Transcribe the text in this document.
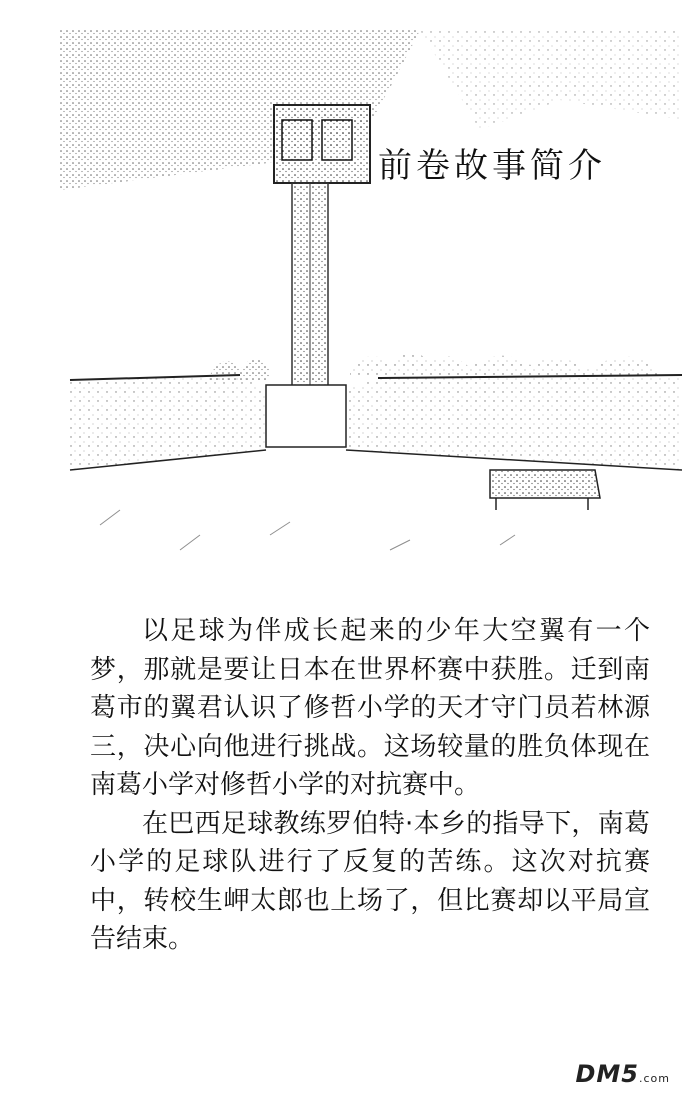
前卷故事简介

以足球为伴成长起来的少年大空翼有一个梦，那就是要让日本在世界杯赛中获胜。迁到南葛市的翼君认识了修哲小学的天才守门员若林源三，决心向他进行挑战。这场较量的胜负体现在南葛小学对修哲小学的对抗赛中。

在巴西足球教练罗伯特·本乡的指导下，南葛小学的足球队进行了反复的苦练。这次对抗赛中，转校生岬太郎也上场了，但比赛却以平局宣告结束。

DM5.com
